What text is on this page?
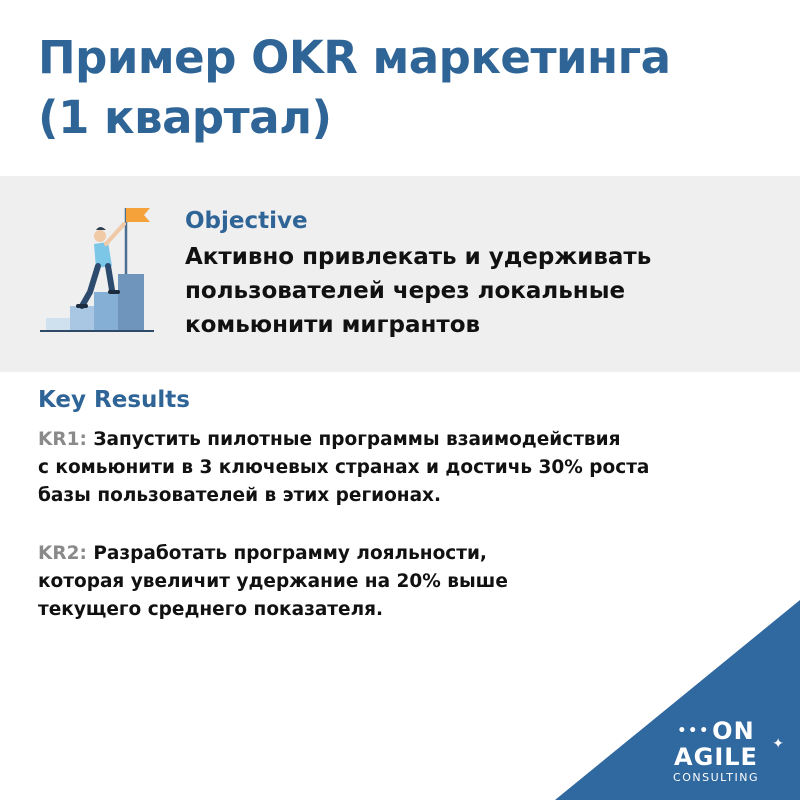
Пример OKR маркетинга
(1 квартал)
Objective
Активно привлекать и удерживать
пользователей через локальные
комьюнити мигрантов
Key Results
KR1: Запустить пилотные программы взаимодействия
с комьюнити в 3 ключевых странах и достичь 30% роста
базы пользователей в этих регионах.
KR2: Разработать программу лояльности,
которая увеличит удержание на 20% выше
текущего среднего показателя.
••• ON
AGILE
CONSULTING
✦
